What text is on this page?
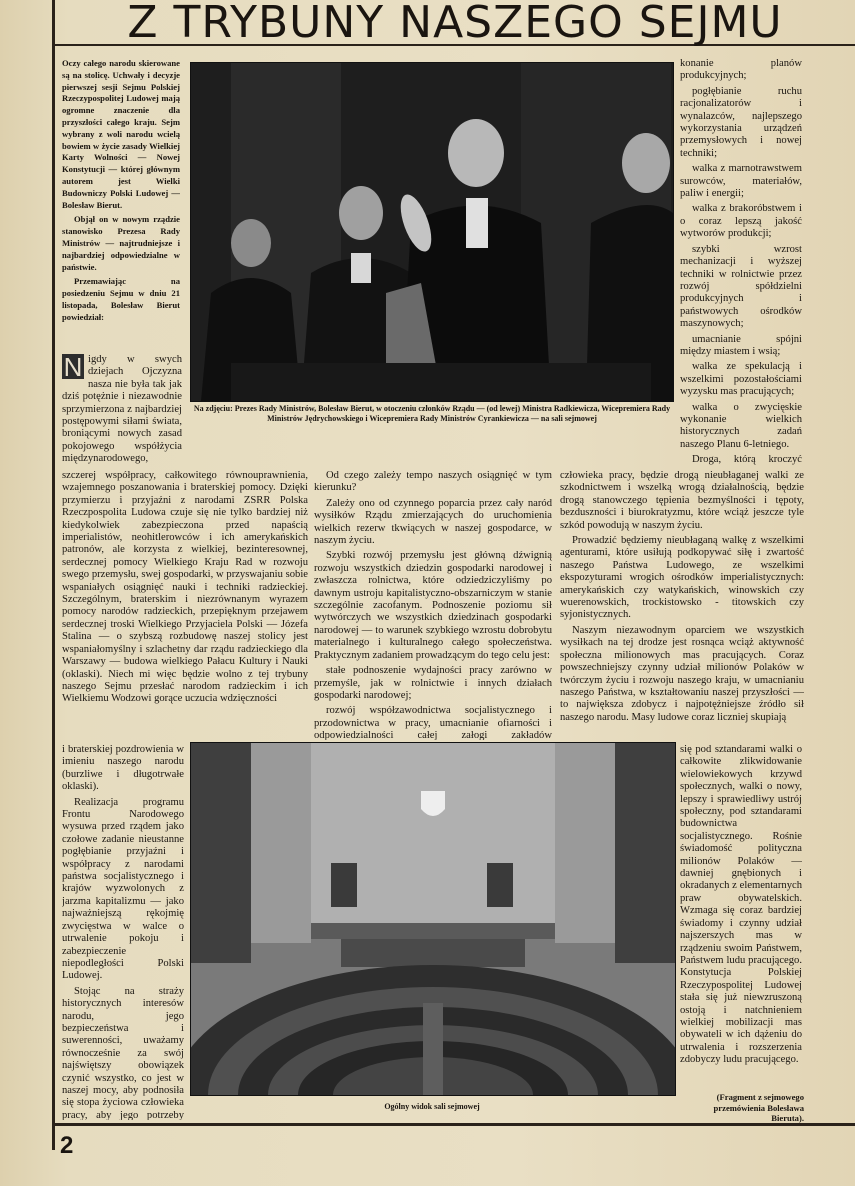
Z TRYBUNY NASZEGO SEJMU

Oczy całego narodu skierowane są na stolicę. Uchwały i decyzje pierwszej sesji Sejmu Polskiej Rzeczypospolitej Ludowej mają ogromne znaczenie dla przyszłości całego kraju. Sejm wybrany z woli narodu wcielą bowiem w życie zasady Wielkiej Karty Wolności — Nowej Konstytucji — której głównym autorem jest Wielki Budowniczy Polski Ludowej — Bolesław Bierut.

Objął on w nowym rządzie stanowisko Prezesa Rady Ministrów — najtrudniejsze i najbardziej odpowiedzialne w państwie.

Przemawiając na posiedzeniu Sejmu w dniu 21 listopada, Bolesław Bierut powiedział:

N igdy w swych dziejach Ojczyzna nasza nie była tak jak dziś potężnie i niezawodnie sprzymierzona z najbardziej postępowymi siłami świata, broniącymi nowych zasad pokojowego współżycia międzynarodowego,
Na zdjęciu: Prezes Rady Ministrów, Bolesław Bierut, w otoczeniu członków Rządu — (od lewej) Ministra Radkiewicza, Wicepremiera Rady Ministrów Jędrychowskiego i Wicepremiera Rady Ministrów Cyrankiewicza — na sali sejmowej

szczerej współpracy, całkowitego równouprawnienia, wzajemnego poszanowania i braterskiej pomocy. Dzięki przymierzu i przyjaźni z narodami ZSRR Polska Rzeczpospolita Ludowa czuje się nie tylko bardziej niż kiedykolwiek zabezpieczona przed napaścią imperialistów, neohitlerowców i ich amerykańskich patronów, ale korzysta z wielkiej, bezinteresownej, serdecznej pomocy Wielkiego Kraju Rad w rozwoju swego przemysłu, swej gospodarki, w przyswajaniu sobie wspaniałych osiągnięć nauki i techniki radzieckiej. Szczególnym, braterskim i niezrównanym wyrazem pomocy narodów radzieckich, przepięknym przejawem serdecznej troski Wielkiego Przyjaciela Polski — Józefa Stalina — o szybszą rozbudowę naszej stolicy jest wspaniałomyślny i szlachetny dar rządu radzieckiego dla Warszawy — budowa wielkiego Pałacu Kultury i Nauki (oklaski). Niech mi więc będzie wolno z tej trybuny naszego Sejmu przesłać narodom radzieckim i ich Wielkiemu Wodzowi gorące uczucia wdzięczności

i braterskiej pozdrowienia w imieniu naszego narodu (burzliwe i długotrwałe oklaski).

Realizacja programu Frontu Narodowego wysuwa przed rządem jako czołowe zadanie nieustanne pogłębianie przyjaźni i współpracy z narodami państwa socjalistycznego i krajów wyzwolonych z jarzma kapitalizmu — jako najważniejszą rękojmię zwycięstwa w walce o utrwalenie pokoju i zabezpieczenie niepodległości Polski Ludowej.

Stojąc na straży historycznych interesów narodu, jego bezpieczeństwa i suwerenności, uważamy równocześnie za swój najświętszy obowiązek czynić wszystko, co jest w naszej mocy, aby podnosiła się stopa życiowa człowieka pracy, aby jego potrzeby

Od czego zależy tempo naszych osiągnięć w tym kierunku?

Zależy ono od czynnego poparcia przez cały naród wysiłków Rządu zmierzających do uruchomienia wielkich rezerw tkwiących w naszej gospodarce, w naszym życiu.

Szybki rozwój przemysłu jest główną dźwignią rozwoju wszystkich dziedzin gospodarki narodowej i zwłaszcza rolnictwa, które odziedziczyliśmy po dawnym ustroju kapitalistyczno-obszarniczym w stanie szczególnie zacofanym. Podnoszenie poziomu sił wytwórczych we wszystkich dziedzinach gospodarki narodowej — to warunek szybkiego wzrostu dobrobytu materialnego i kulturalnego całego społeczeństwa. Praktycznym zadaniem prowadzącym do tego celu jest:

stałe podnoszenie wydajności pracy zarówno w przemyśle, jak w rolnictwie i innych działach gospodarki narodowej;

rozwój współzawodnictwa socjalistycznego i przodownictwa w pracy, umacnianie ofiarności i odpowiedzialności całej załogi zakładów

konanie planów produkcyjnych;

pogłębianie ruchu racjonalizatorów i wynalazców, najlepszego wykorzystania urządzeń przemysłowych i nowej techniki;

walka z marnotrawstwem surowców, materiałów, paliw i energii;

walka z brakoróbstwem i o coraz lepszą jakość wytworów produkcji;

szybki wzrost mechanizacji i wyższej techniki w rolnictwie przez rozwój spółdzielni produkcyjnych i państwowych ośrodków maszynowych;

umacnianie spójni między miastem i wsią;

walka ze spekulacją i wszelkimi pozostałościami wyzysku mas pracujących;

walka o zwycięskie wykonanie wielkich historycznych zadań naszego Planu 6-letniego.

Droga, którą kroczyć

człowieka pracy, będzie drogą nieubłaganej walki ze szkodnictwem i wszelką wrogą działalnością, będzie drogą stanowczego tępienia bezmyślności i tępoty, bezduszności i biurokratyzmu, które wciąż jeszcze tyle szkód powodują w naszym życiu.

Prowadzić będziemy nieubłaganą walkę z wszelkimi agenturami, które usiłują podkopywać siłę i zwartość naszego Państwa Ludowego, ze wszelkimi ekspozyturami wrogich ośrodków imperialistycznych: amerykańskich czy watykańskich, winowskich czy wuerenowskich, trockistowsko - titowskich czy syjonistycznych.

Naszym niezawodnym oparciem we wszystkich wysiłkach na tej drodze jest rosnąca wciąż aktywność społeczna milionowych mas pracujących. Coraz powszechniejszy czynny udział milionów Polaków w twórczym życiu i rozwoju naszego kraju, w umacnianiu naszego Państwa, w kształtowaniu naszej przyszłości — to największa zdobycz i najpotężniejsze źródło sił naszego narodu. Masy ludowe coraz liczniej skupiają

Ogólny widok sali sejmowej

się pod sztandarami walki o całkowite zlikwidowanie wielowiekowych krzywd społecznych, walki o nowy, lepszy i sprawiedliwy ustrój społeczny, pod sztandarami budownictwa socjalistycznego. Rośnie świadomość polityczna milionów Polaków — dawniej gnębionych i okradanych z elementarnych praw obywatelskich. Wzmaga się coraz bardziej świadomy i czynny udział najszerszych mas w rządzeniu swoim Państwem, Państwem ludu pracującego. Konstytucja Polskiej Rzeczypospolitej Ludowej stała się już niewzruszoną ostoją i natchnieniem wielkiej mobilizacji mas obywateli w ich dążeniu do utrwalenia i rozszerzenia zdobyczy ludu pracującego.

(Fragment z sejmowego przemówienia Bolesława Bieruta).
2
